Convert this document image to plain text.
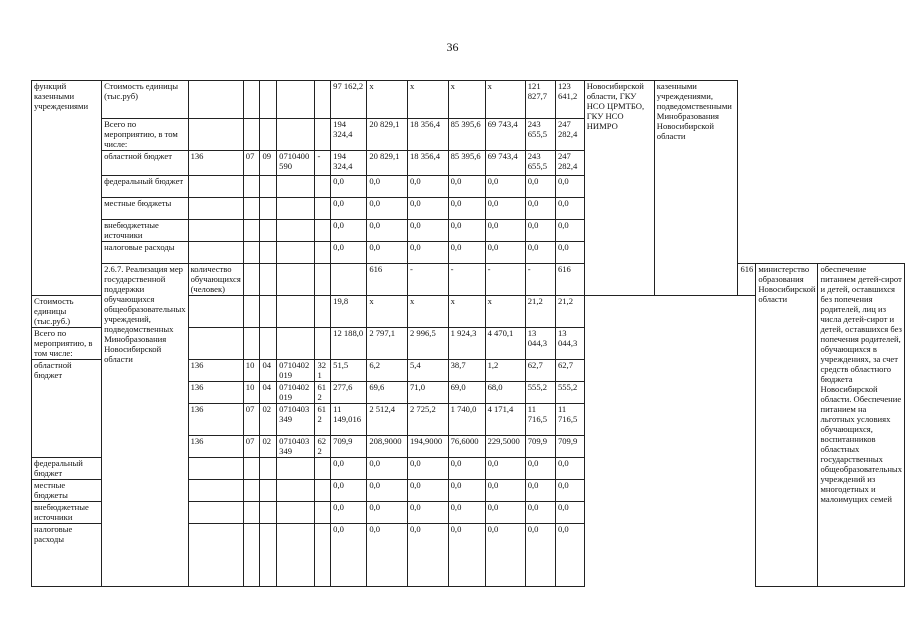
36
функций казенными учреждениями	Стоимость единицы (тыс.руб)						97 162,2	x	x	x	x	121 827,7	123 641,2	Новосибирской области, ГКУ НСО ЦРМТБО, ГКУ НСО НИМРО	казенными учреждениями, подведомственными Минобразования Новосибирской области			
	Всего по мероприятию, в том числе:						194 324,4	20 829,1	18 356,4	85 395,6	69 743,4	243 655,5	247 282,4					
	областной бюджет	136	07	09	0710400 590	-	194 324,4	20 829,1	18 356,4	85 395,6	69 743,4	243 655,5	247 282,4					
	федеральный бюджет						0,0	0,0	0,0	0,0	0,0	0,0	0,0					
	местные бюджеты						0,0	0,0	0,0	0,0	0,0	0,0	0,0					
	внебюджетные источники						0,0	0,0	0,0	0,0	0,0	0,0	0,0					
	налоговые расходы						0,0	0,0	0,0	0,0	0,0	0,0	0,0					
	2.6.7. Реализация мер государственной поддержки обучающихся общеобразовательных учреждений, подведомственных Минобразования Новосибирской области	количество обучающихся (человек)						616	-	-	-	-	616			616	министерство образования Новосибирской области	обеспечение питанием детей-сирот и детей, оставшихся без попечения родителей, лиц из числа детей-сирот и детей, оставшихся без попечения родителей, обучающихся в учреждениях, за счет средств областного бюджета Новосибирской области. Обеспечение питанием на льготных условиях обучающихся, воспитанников областных государственных общеобразовательных учреждений из многодетных и малоимущих семей
Стоимость единицы (тыс.руб.)							19,8	x	x	x	x	21,2	21,2					
Всего по мероприятию, в том числе:							12 188,0	2 797,1	2 996,5	1 924,3	4 470,1	13 044,3	13 044,3					
областной бюджет		136	10	04	0710402 019	32 1	51,5	6,2	5,4	38,7	1,2	62,7	62,7					
		136	10	04	0710402 019	61 2	277,6	69,6	71,0	69,0	68,0	555,2	555,2					
		136	07	02	0710403 349	61 2	11 149,016	2 512,4	2 725,2	1 740,0	4 171,4	11 716,5	11 716,5					
		136	07	02	0710403 349	62 2	709,9	208,9000	194,9000	76,6000	229,5000	709,9	709,9					
федеральный бюджет							0,0	0,0	0,0	0,0	0,0	0,0	0,0					
местные бюджеты							0,0	0,0	0,0	0,0	0,0	0,0	0,0					
внебюджетные источники							0,0	0,0	0,0	0,0	0,0	0,0	0,0					
налоговые расходы							0,0	0,0	0,0	0,0	0,0	0,0	0,0					
